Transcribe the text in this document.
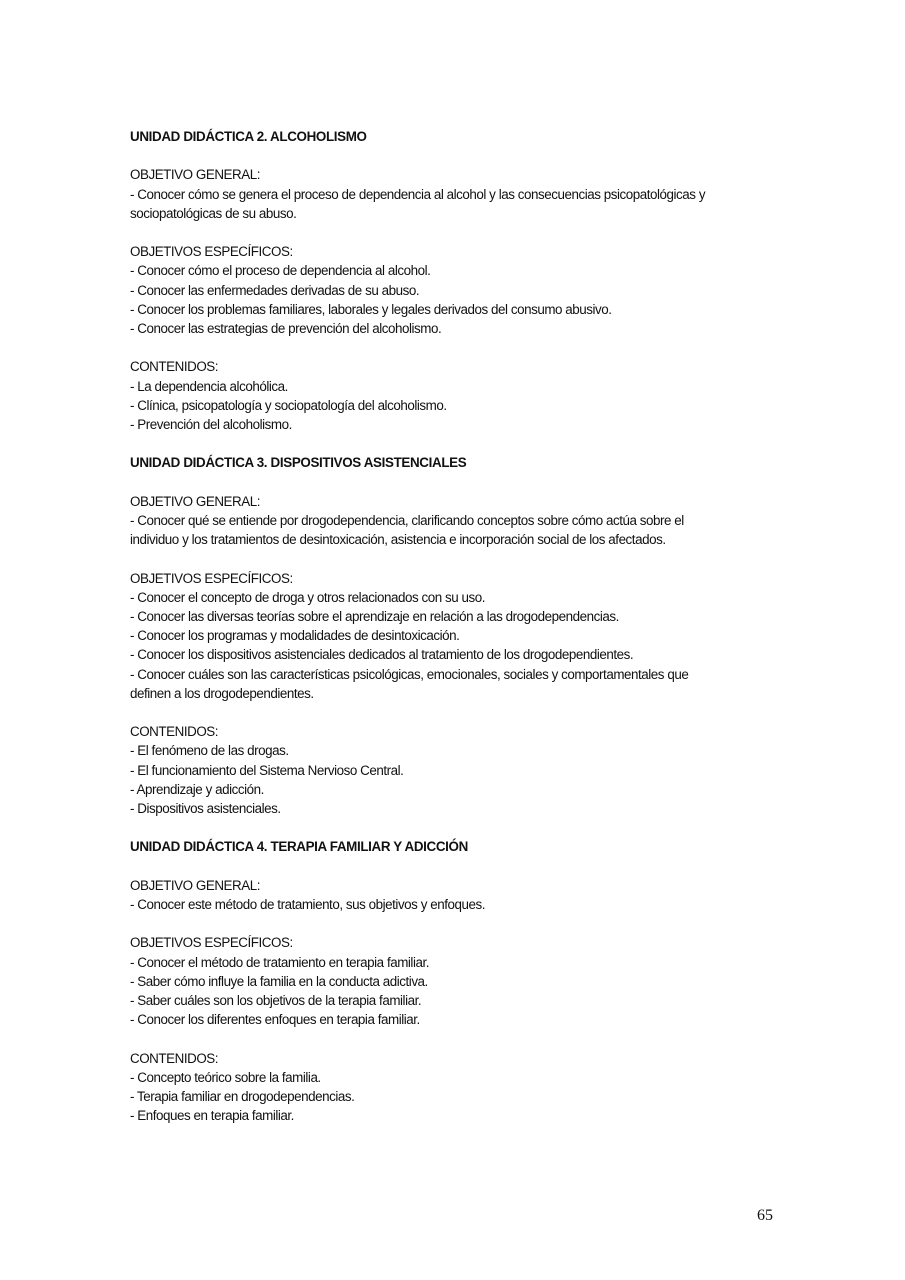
UNIDAD DIDÁCTICA 2. ALCOHOLISMO

OBJETIVO GENERAL:

- Conocer cómo se genera el proceso de dependencia al alcohol y las consecuencias psicopatológicas y

sociopatológicas de su abuso.

OBJETIVOS ESPECÍFICOS:

- Conocer cómo el proceso de dependencia al alcohol.

- Conocer las enfermedades derivadas de su abuso.

- Conocer los problemas familiares, laborales y legales derivados del consumo abusivo.

- Conocer las estrategias de prevención del alcoholismo.

CONTENIDOS:

- La dependencia alcohólica.

- Clínica, psicopatología y sociopatología del alcoholismo.

- Prevención del alcoholismo.

UNIDAD DIDÁCTICA 3. DISPOSITIVOS ASISTENCIALES

OBJETIVO GENERAL:

- Conocer qué se entiende por drogodependencia, clarificando conceptos sobre cómo actúa sobre el

individuo y los tratamientos de desintoxicación, asistencia e incorporación social de los afectados.

OBJETIVOS ESPECÍFICOS:

- Conocer el concepto de droga y otros relacionados con su uso.

- Conocer las diversas teorías sobre el aprendizaje en relación a las drogodependencias.

- Conocer los programas y modalidades de desintoxicación.

- Conocer los dispositivos asistenciales dedicados al tratamiento de los drogodependientes.

- Conocer cuáles son las características psicológicas, emocionales, sociales y comportamentales que

definen a los drogodependientes.

CONTENIDOS:

- El fenómeno de las drogas.

- El funcionamiento del Sistema Nervioso Central.

- Aprendizaje y adicción.

- Dispositivos asistenciales.

UNIDAD DIDÁCTICA 4. TERAPIA FAMILIAR Y ADICCIÓN

OBJETIVO GENERAL:

- Conocer este método de tratamiento, sus objetivos y enfoques.

OBJETIVOS ESPECÍFICOS:

- Conocer el método de tratamiento en terapia familiar.

- Saber cómo influye la familia en la conducta adictiva.

- Saber cuáles son los objetivos de la terapia familiar.

- Conocer los diferentes enfoques en terapia familiar.

CONTENIDOS:

- Concepto teórico sobre la familia.

- Terapia familiar en drogodependencias.

- Enfoques en terapia familiar.

65
